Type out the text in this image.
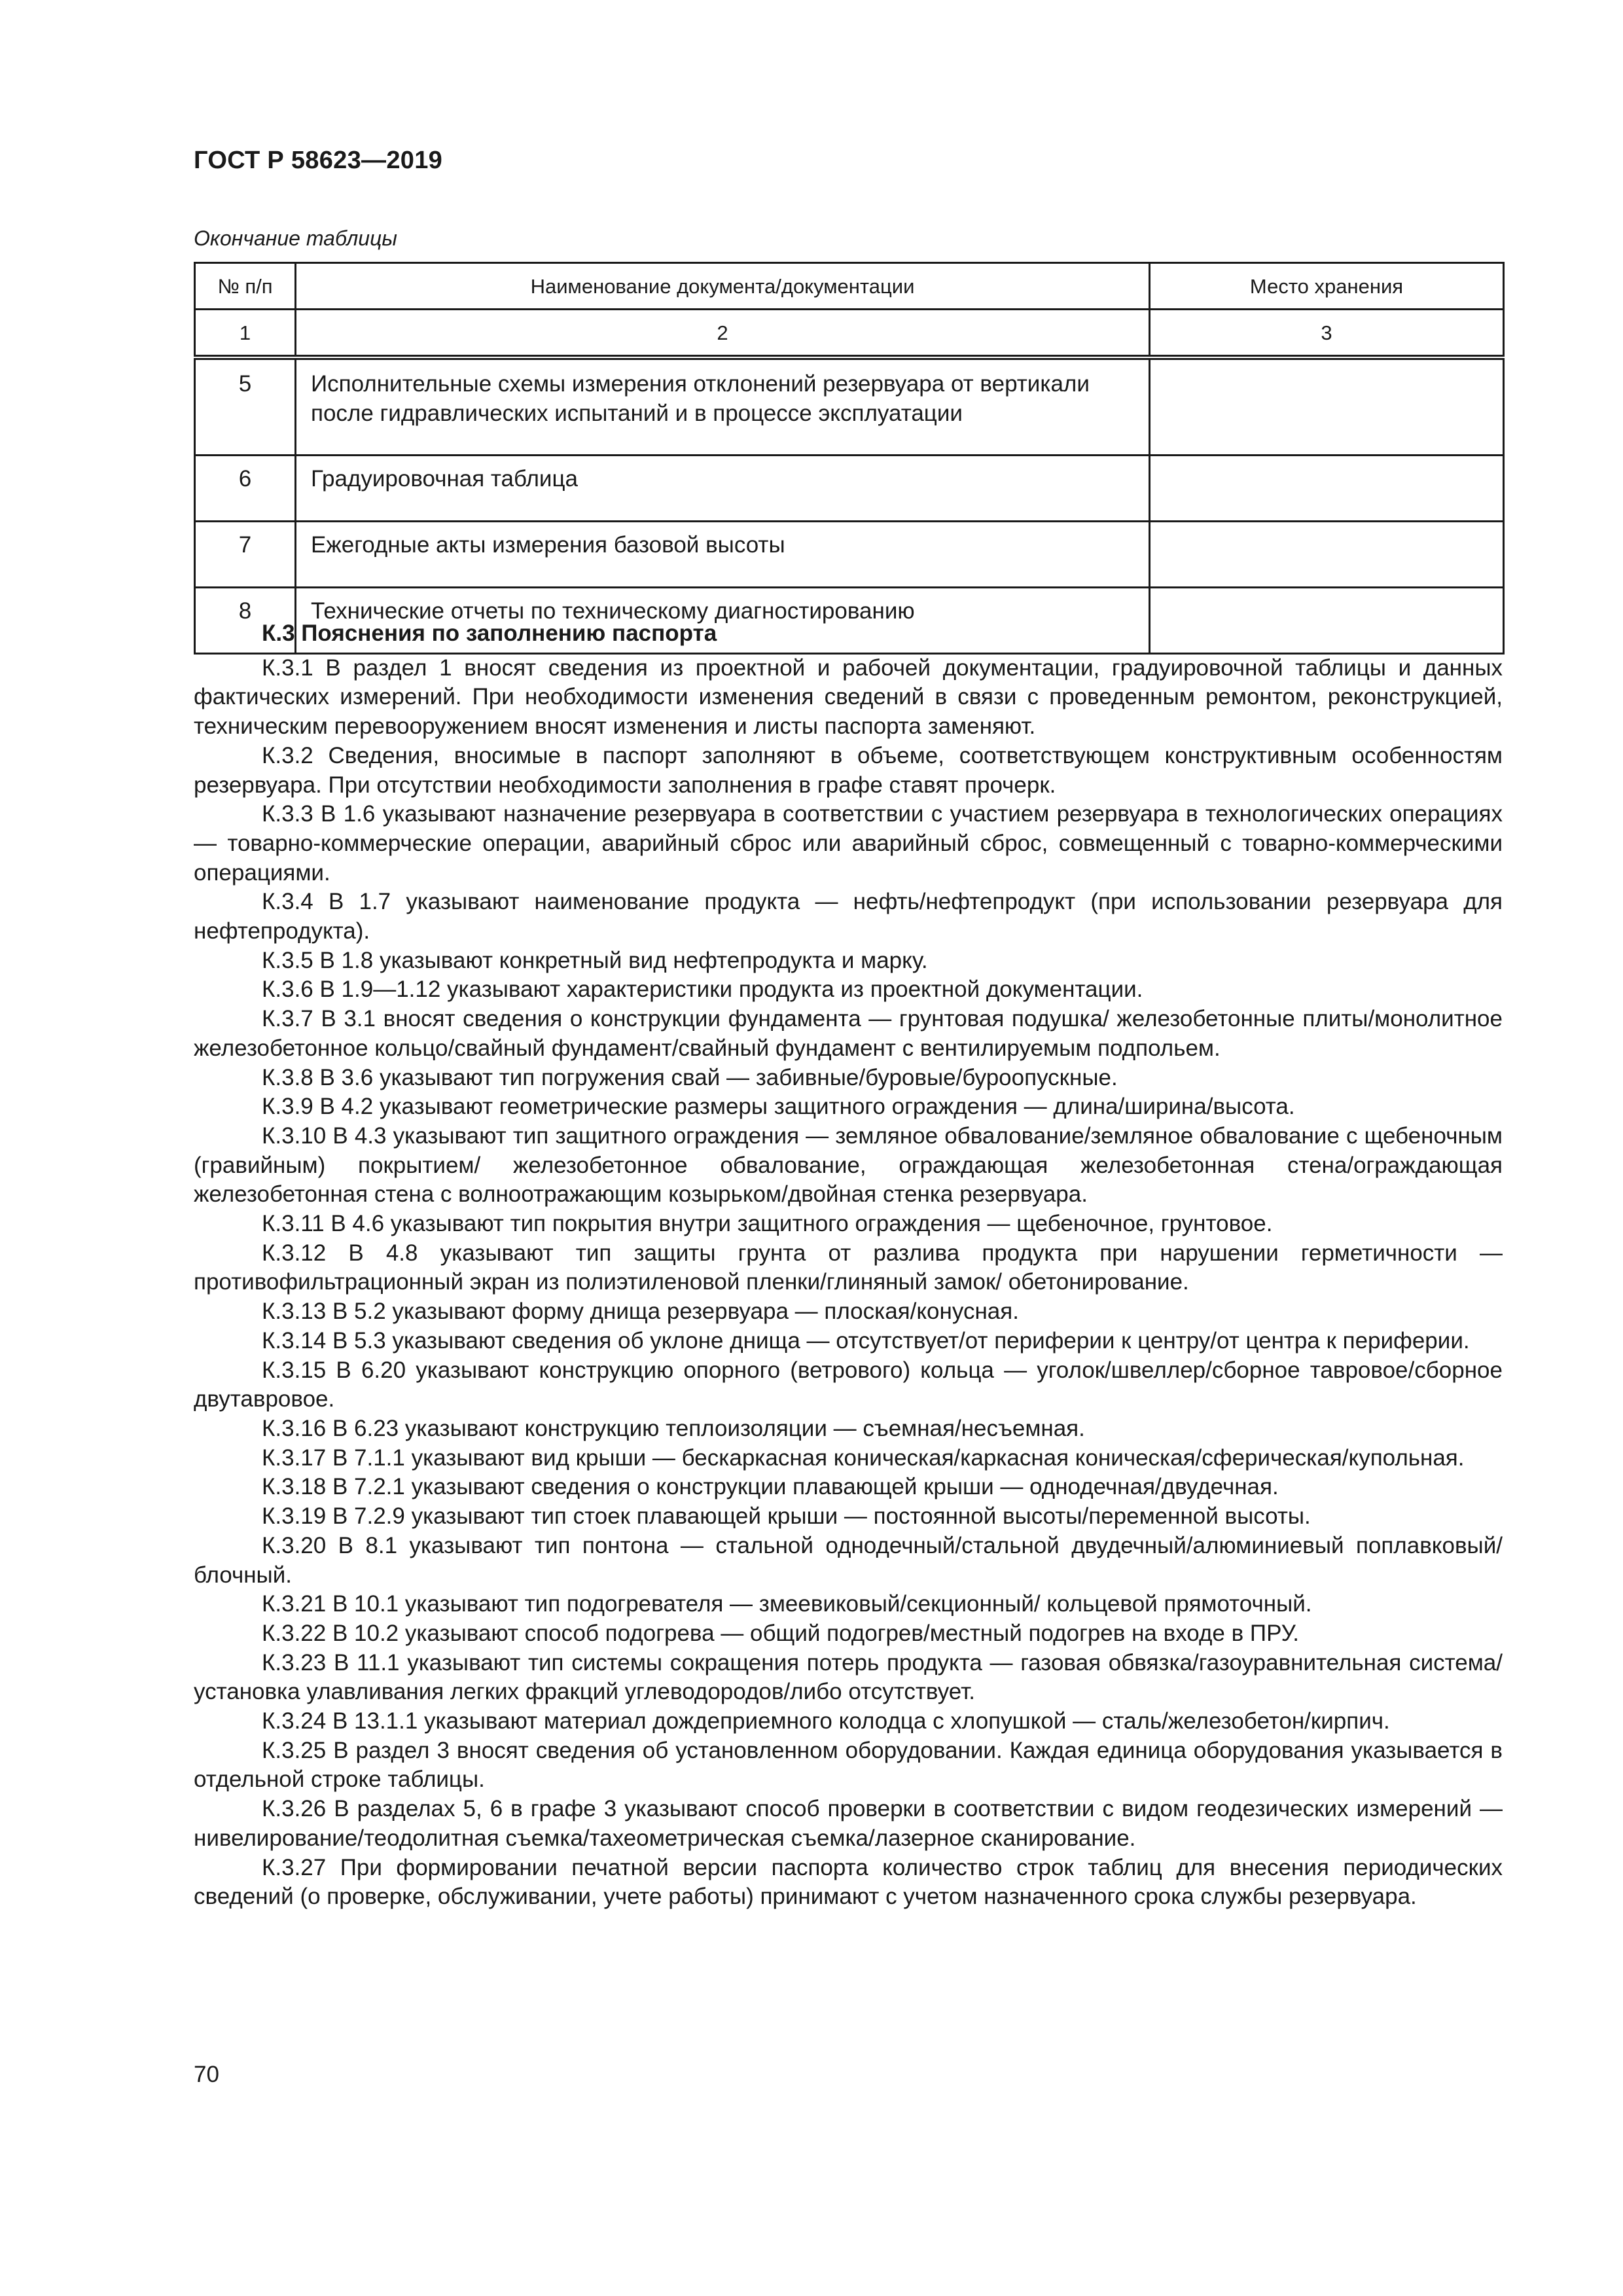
ГОСТ Р 58623—2019
Окончание таблицы
№ п/п	Наименование документа/документации	Место хранения
1	2	3
5	Исполнительные схемы измерения отклонений резервуара от вертикали после гидравлических испытаний и в процессе эксплуатации	
6	Градуировочная таблица	
7	Ежегодные акты измерения базовой высоты	
8	Технические отчеты по техническому диагностированию	
К.3 Пояснения по заполнению паспорта

К.3.1 В раздел 1 вносят сведения из проектной и рабочей документации, градуировочной таблицы и данных фактических измерений. При необходимости изменения сведений в связи с проведенным ремонтом, реконструкцией, техническим перевооружением вносят изменения и листы паспорта заменяют.

К.3.2 Сведения, вносимые в паспорт заполняют в объеме, соответствующем конструктивным особенностям резервуара. При отсутствии необходимости заполнения в графе ставят прочерк.

К.3.3 В 1.6 указывают назначение резервуара в соответствии с участием резервуара в технологических операциях — товарно-коммерческие операции, аварийный сброс или аварийный сброс, совмещенный с товарно-коммерческими операциями.

К.3.4 В 1.7 указывают наименование продукта — нефть/нефтепродукт (при использовании резервуара для нефтепродукта).

К.3.5 В 1.8 указывают конкретный вид нефтепродукта и марку.

К.3.6 В 1.9—1.12 указывают характеристики продукта из проектной документации.

К.3.7 В 3.1 вносят сведения о конструкции фундамента — грунтовая подушка/ железобетонные плиты/монолитное железобетонное кольцо/свайный фундамент/свайный фундамент с вентилируемым подпольем.

К.3.8 В 3.6 указывают тип погружения свай — забивные/буровые/буроопускные.

К.3.9 В 4.2 указывают геометрические размеры защитного ограждения — длина/ширина/высота.

К.3.10 В 4.3 указывают тип защитного ограждения — земляное обвалование/земляное обвалование с щебеночным (гравийным) покрытием/ железобетонное обвалование, ограждающая железобетонная стена/ограждающая железобетонная стена с волноотражающим козырьком/двойная стенка резервуара.

К.3.11 В 4.6 указывают тип покрытия внутри защитного ограждения — щебеночное, грунтовое.

К.3.12 В 4.8 указывают тип защиты грунта от разлива продукта при нарушении герметичности — противофильтрационный экран из полиэтиленовой пленки/глиняный замок/ обетонирование.

К.3.13 В 5.2 указывают форму днища резервуара — плоская/конусная.

К.3.14 В 5.3 указывают сведения об уклоне днища — отсутствует/от периферии к центру/от центра к периферии.

К.3.15 В 6.20 указывают конструкцию опорного (ветрового) кольца — уголок/швеллер/сборное тавровое/сборное двутавровое.

К.3.16 В 6.23 указывают конструкцию теплоизоляции — съемная/несъемная.

К.3.17 В 7.1.1 указывают вид крыши — бескаркасная коническая/каркасная коническая/сферическая/купольная.

К.3.18 В 7.2.1 указывают сведения о конструкции плавающей крыши — однодечная/двудечная.

К.3.19 В 7.2.9 указывают тип стоек плавающей крыши — постоянной высоты/переменной высоты.

К.3.20 В 8.1 указывают тип понтона — стальной однодечный/стальной двудечный/алюминиевый поплавковый/блочный.

К.3.21 В 10.1 указывают тип подогревателя — змеевиковый/секционный/ кольцевой прямоточный.

К.3.22 В 10.2 указывают способ подогрева — общий подогрев/местный подогрев на входе в ПРУ.

К.3.23 В 11.1 указывают тип системы сокращения потерь продукта — газовая обвязка/газоуравнительная система/установка улавливания легких фракций углеводородов/либо отсутствует.

К.3.24 В 13.1.1 указывают материал дождеприемного колодца с хлопушкой — сталь/железобетон/кирпич.

К.3.25 В раздел 3 вносят сведения об установленном оборудовании. Каждая единица оборудования указывается в отдельной строке таблицы.

К.3.26 В разделах 5, 6 в графе 3 указывают способ проверки в соответствии с видом геодезических измерений — нивелирование/теодолитная съемка/тахеометрическая съемка/лазерное сканирование.

К.3.27 При формировании печатной версии паспорта количество строк таблиц для внесения периодических сведений (о проверке, обслуживании, учете работы) принимают с учетом назначенного срока службы резервуара.

70
